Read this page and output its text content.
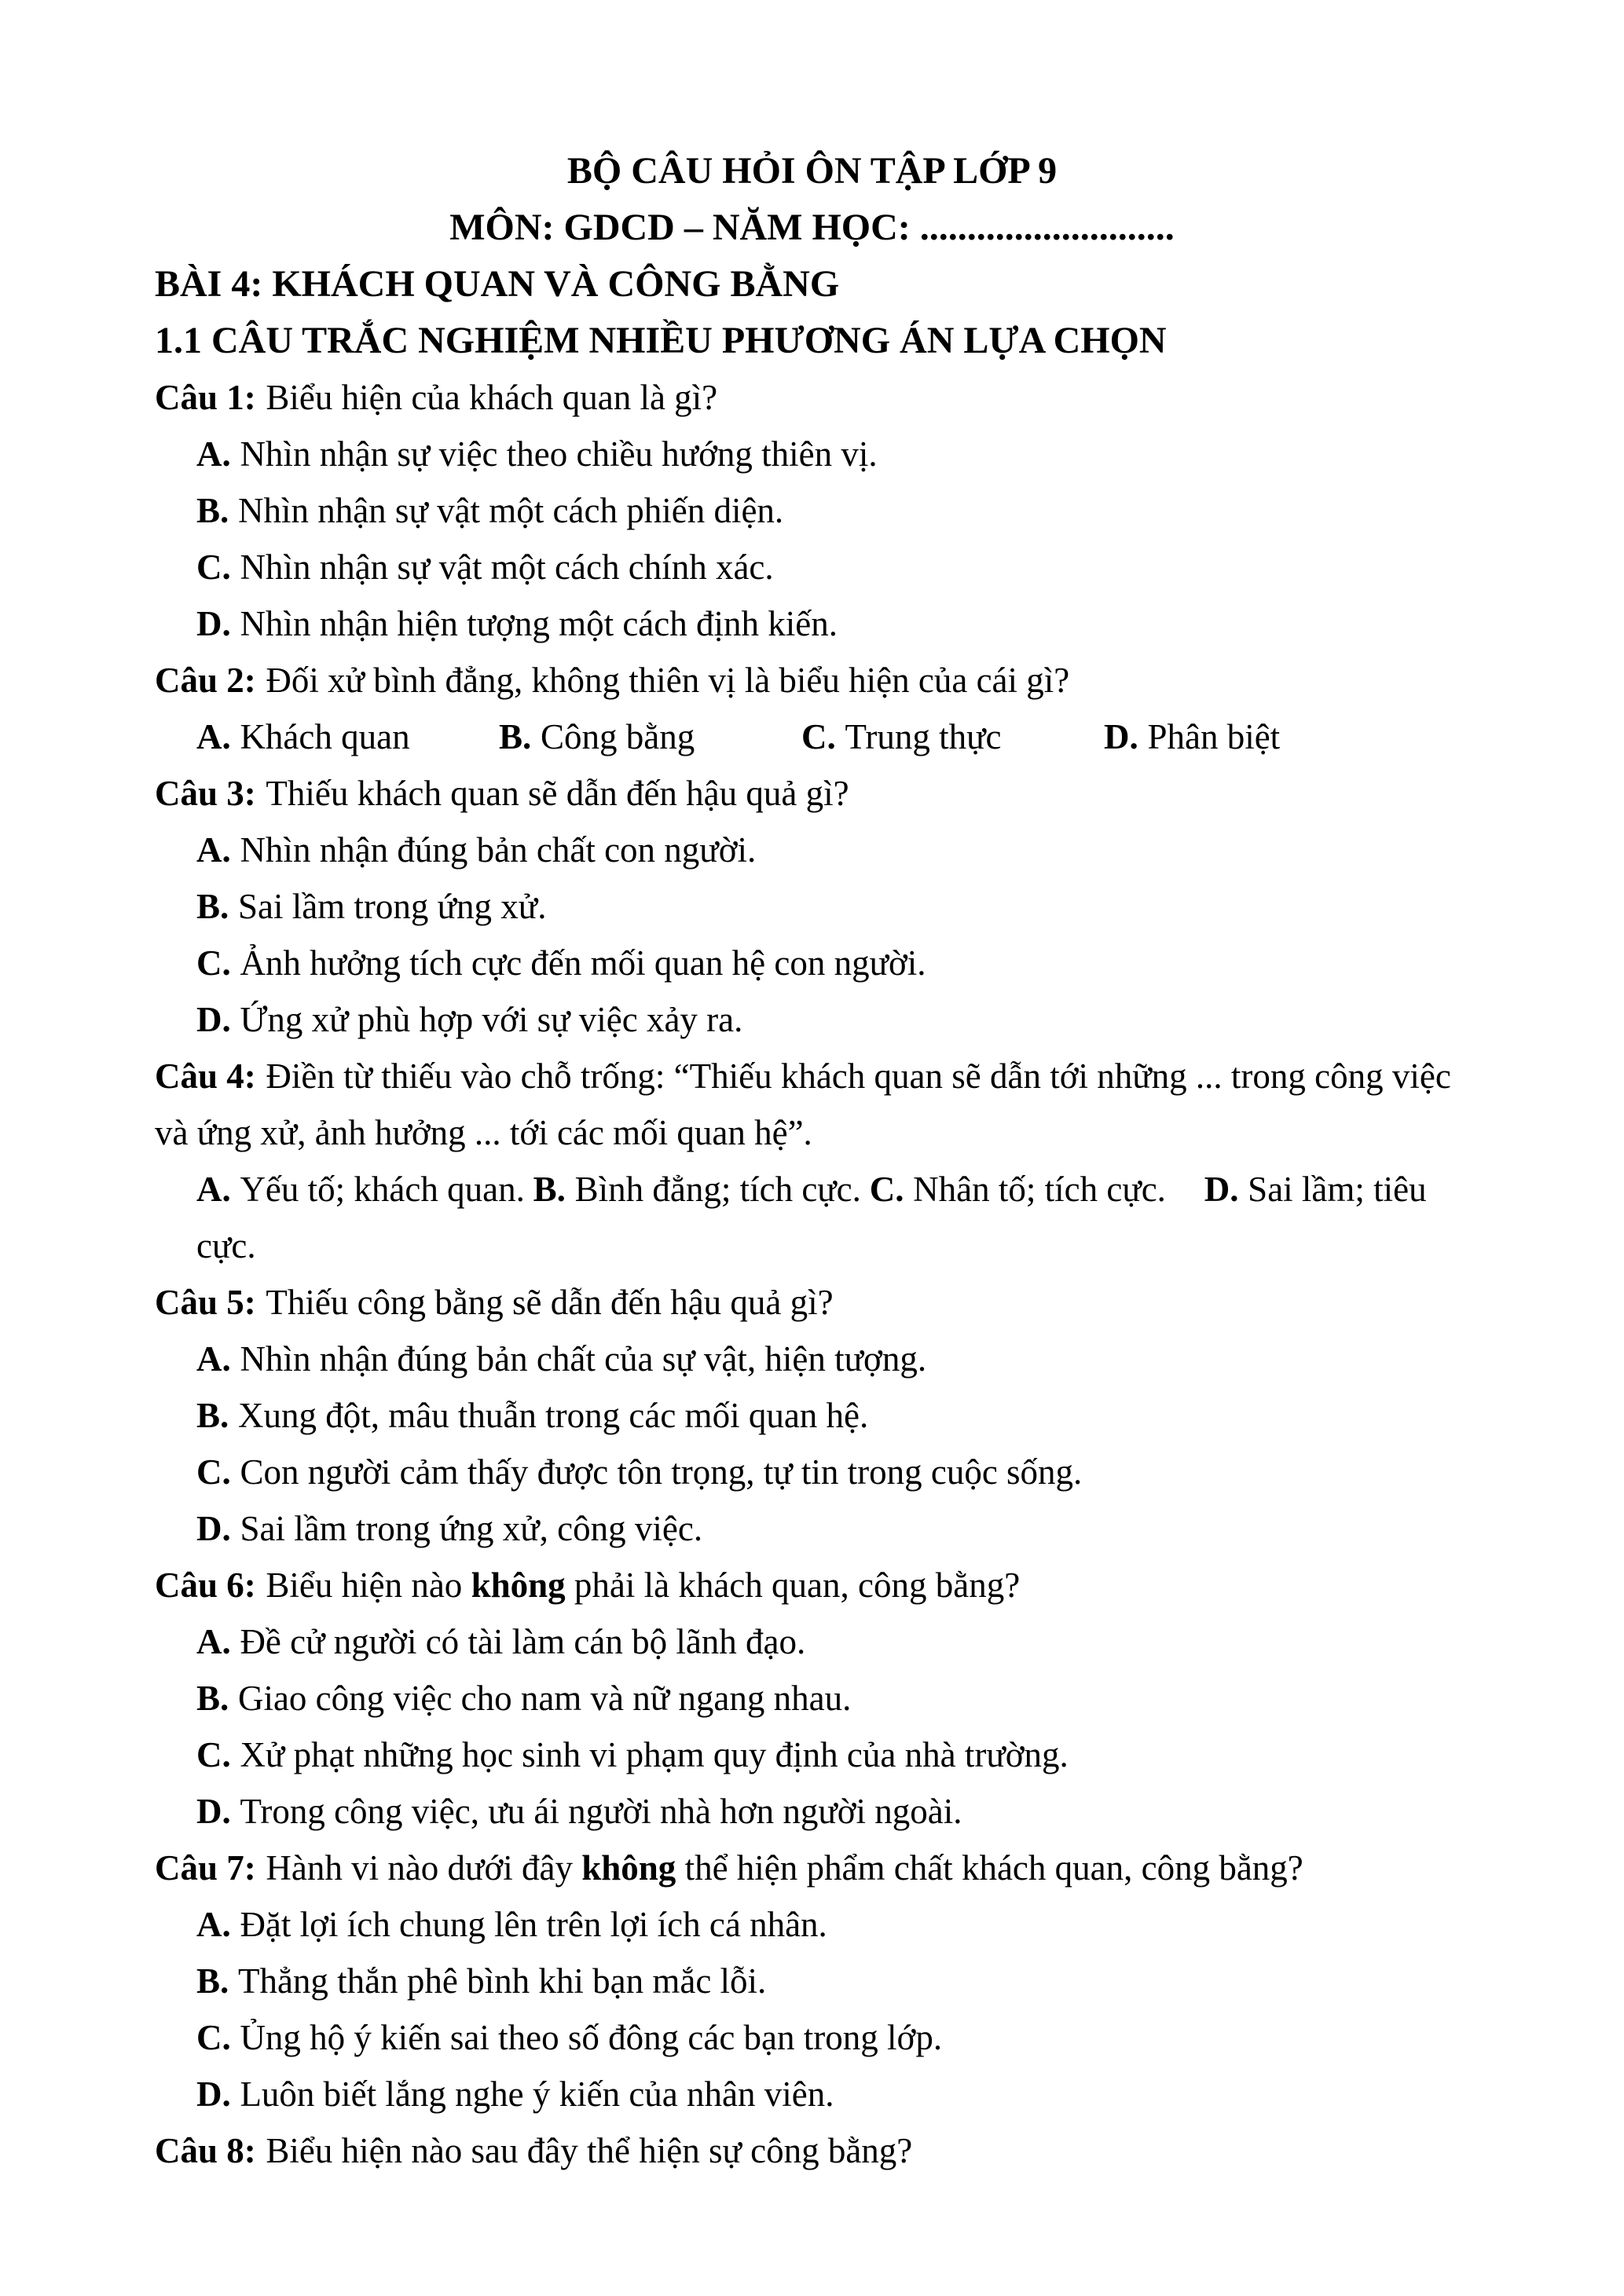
BỘ CÂU HỎI ÔN TẬP LỚP 9

MÔN: GDCD – NĂM HỌC: ...........................

BÀI 4: KHÁCH QUAN VÀ CÔNG BẰNG

1.1 CÂU TRẮC NGHIỆM NHIỀU PHƯƠNG ÁN LỰA CHỌN

Câu 1: Biểu hiện của khách quan là gì?

A. Nhìn nhận sự việc theo chiều hướng thiên vị.

B. Nhìn nhận sự vật một cách phiến diện.

C. Nhìn nhận sự vật một cách chính xác.

D. Nhìn nhận hiện tượng một cách định kiến.

Câu 2: Đối xử bình đẳng, không thiên vị là biểu hiện của cái gì?

A. Khách quan	B. Công bằng	C. Trung thực	D. Phân biệt

Câu 3: Thiếu khách quan sẽ dẫn đến hậu quả gì?

A. Nhìn nhận đúng bản chất con người.

B. Sai lầm trong ứng xử.

C. Ảnh hưởng tích cực đến mối quan hệ con người.

D. Ứng xử phù hợp với sự việc xảy ra.

Câu 4: Điền từ thiếu vào chỗ trống: “Thiếu khách quan sẽ dẫn tới những ... trong công việc và ứng xử, ảnh hưởng ... tới các mối quan hệ”.

A. Yếu tố; khách quan. B. Bình đẳng; tích cực. C. Nhân tố; tích cực. D. Sai lầm; tiêu cực.

Câu 5: Thiếu công bằng sẽ dẫn đến hậu quả gì?

A. Nhìn nhận đúng bản chất của sự vật, hiện tượng.

B. Xung đột, mâu thuẫn trong các mối quan hệ.

C. Con người cảm thấy được tôn trọng, tự tin trong cuộc sống.

D. Sai lầm trong ứng xử, công việc.

Câu 6: Biểu hiện nào không phải là khách quan, công bằng?

A. Đề cử người có tài làm cán bộ lãnh đạo.

B. Giao công việc cho nam và nữ ngang nhau.

C. Xử phạt những học sinh vi phạm quy định của nhà trường.

D. Trong công việc, ưu ái người nhà hơn người ngoài.

Câu 7: Hành vi nào dưới đây không thể hiện phẩm chất khách quan, công bằng?

A. Đặt lợi ích chung lên trên lợi ích cá nhân.

B. Thẳng thắn phê bình khi bạn mắc lỗi.

C. Ủng hộ ý kiến sai theo số đông các bạn trong lớp.

D. Luôn biết lắng nghe ý kiến của nhân viên.

Câu 8: Biểu hiện nào sau đây thể hiện sự công bằng?
